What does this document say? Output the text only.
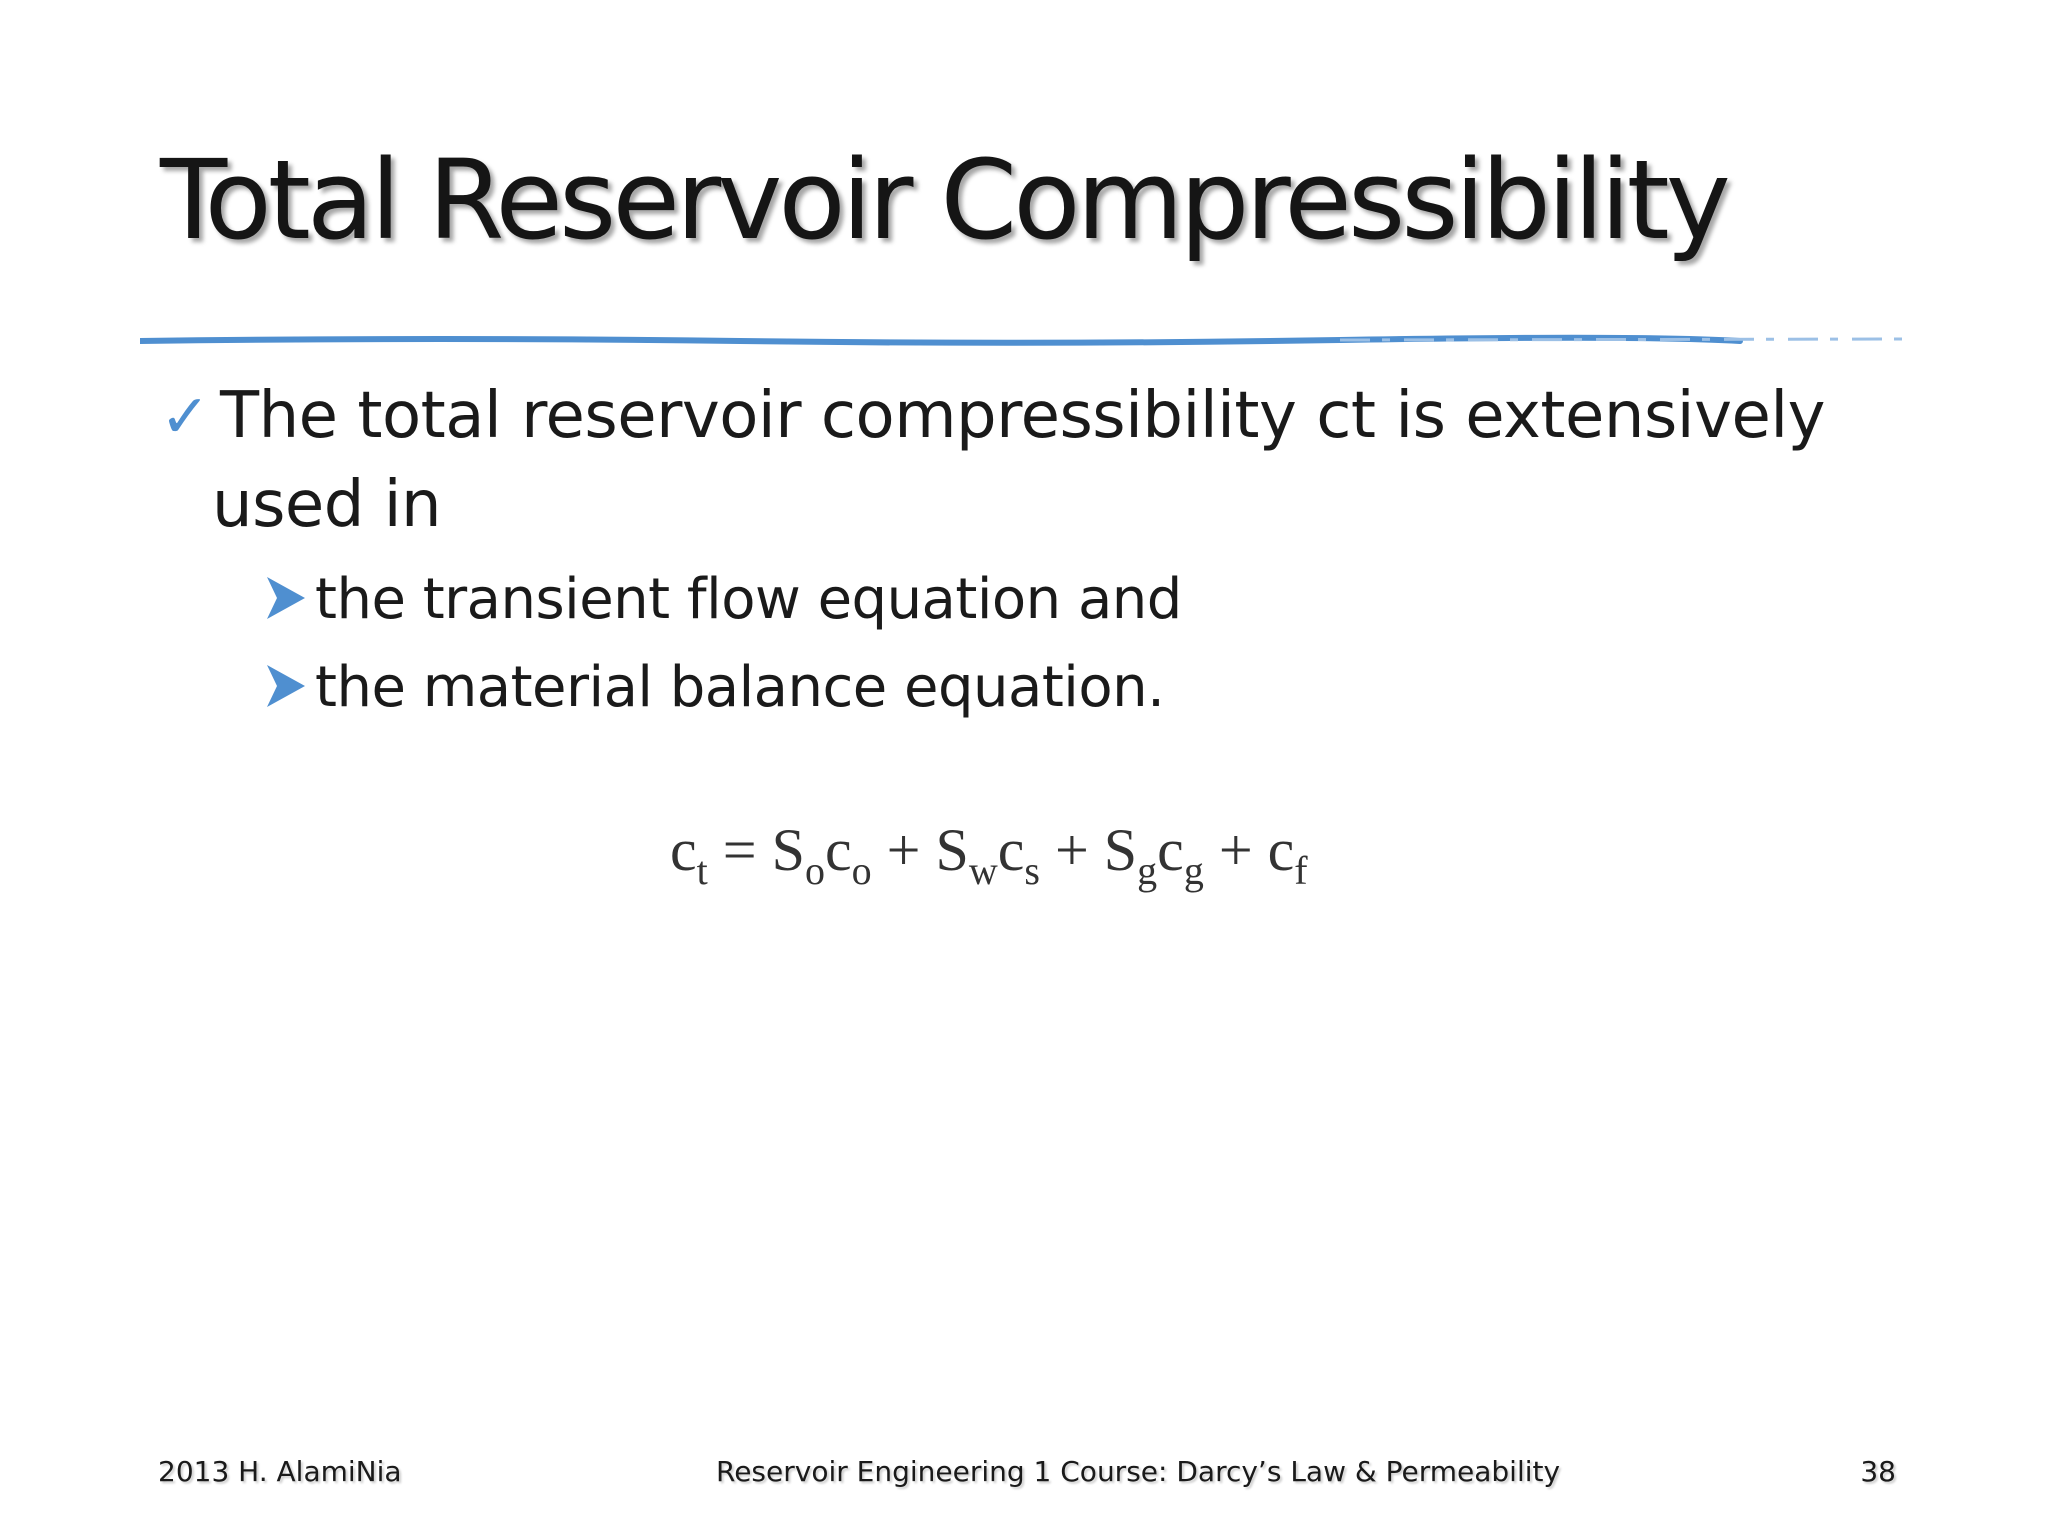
Total Reservoir Compressibility
✓ The total reservoir compressibility ct is extensively
used in
the transient flow equation and
the material balance equation.
$c_t = S_oc_o + S_wc_s + S_gc_g + c_f$
2013 H. AlamiNia	Reservoir Engineering 1 Course: Darcy’s Law & Permeability	38
